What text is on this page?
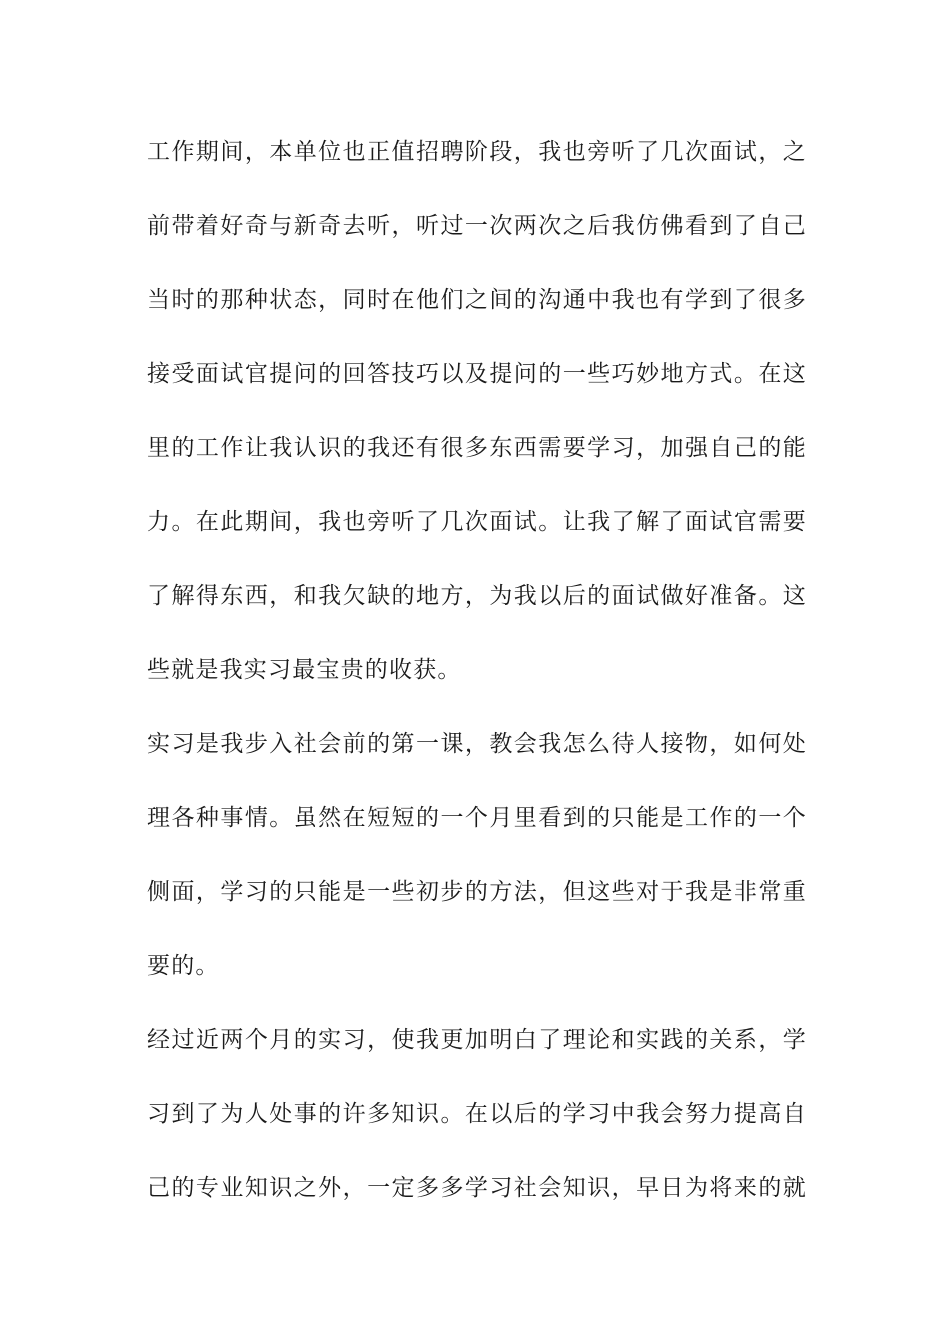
工作期间，本单位也正值招聘阶段，我也旁听了几次面试，之
前带着好奇与新奇去听，听过一次两次之后我仿佛看到了自己
当时的那种状态，同时在他们之间的沟通中我也有学到了很多
接受面试官提问的回答技巧以及提问的一些巧妙地方式。在这
里的工作让我认识的我还有很多东西需要学习，加强自己的能
力。在此期间，我也旁听了几次面试。让我了解了面试官需要
了解得东西，和我欠缺的地方，为我以后的面试做好准备。这
些就是我实习最宝贵的收获。
实习是我步入社会前的第一课，教会我怎么待人接物，如何处
理各种事情。虽然在短短的一个月里看到的只能是工作的一个
侧面，学习的只能是一些初步的方法，但这些对于我是非常重
要的。
经过近两个月的实习，使我更加明白了理论和实践的关系，学
习到了为人处事的许多知识。在以后的学习中我会努力提高自
己的专业知识之外，一定多多学习社会知识，早日为将来的就
